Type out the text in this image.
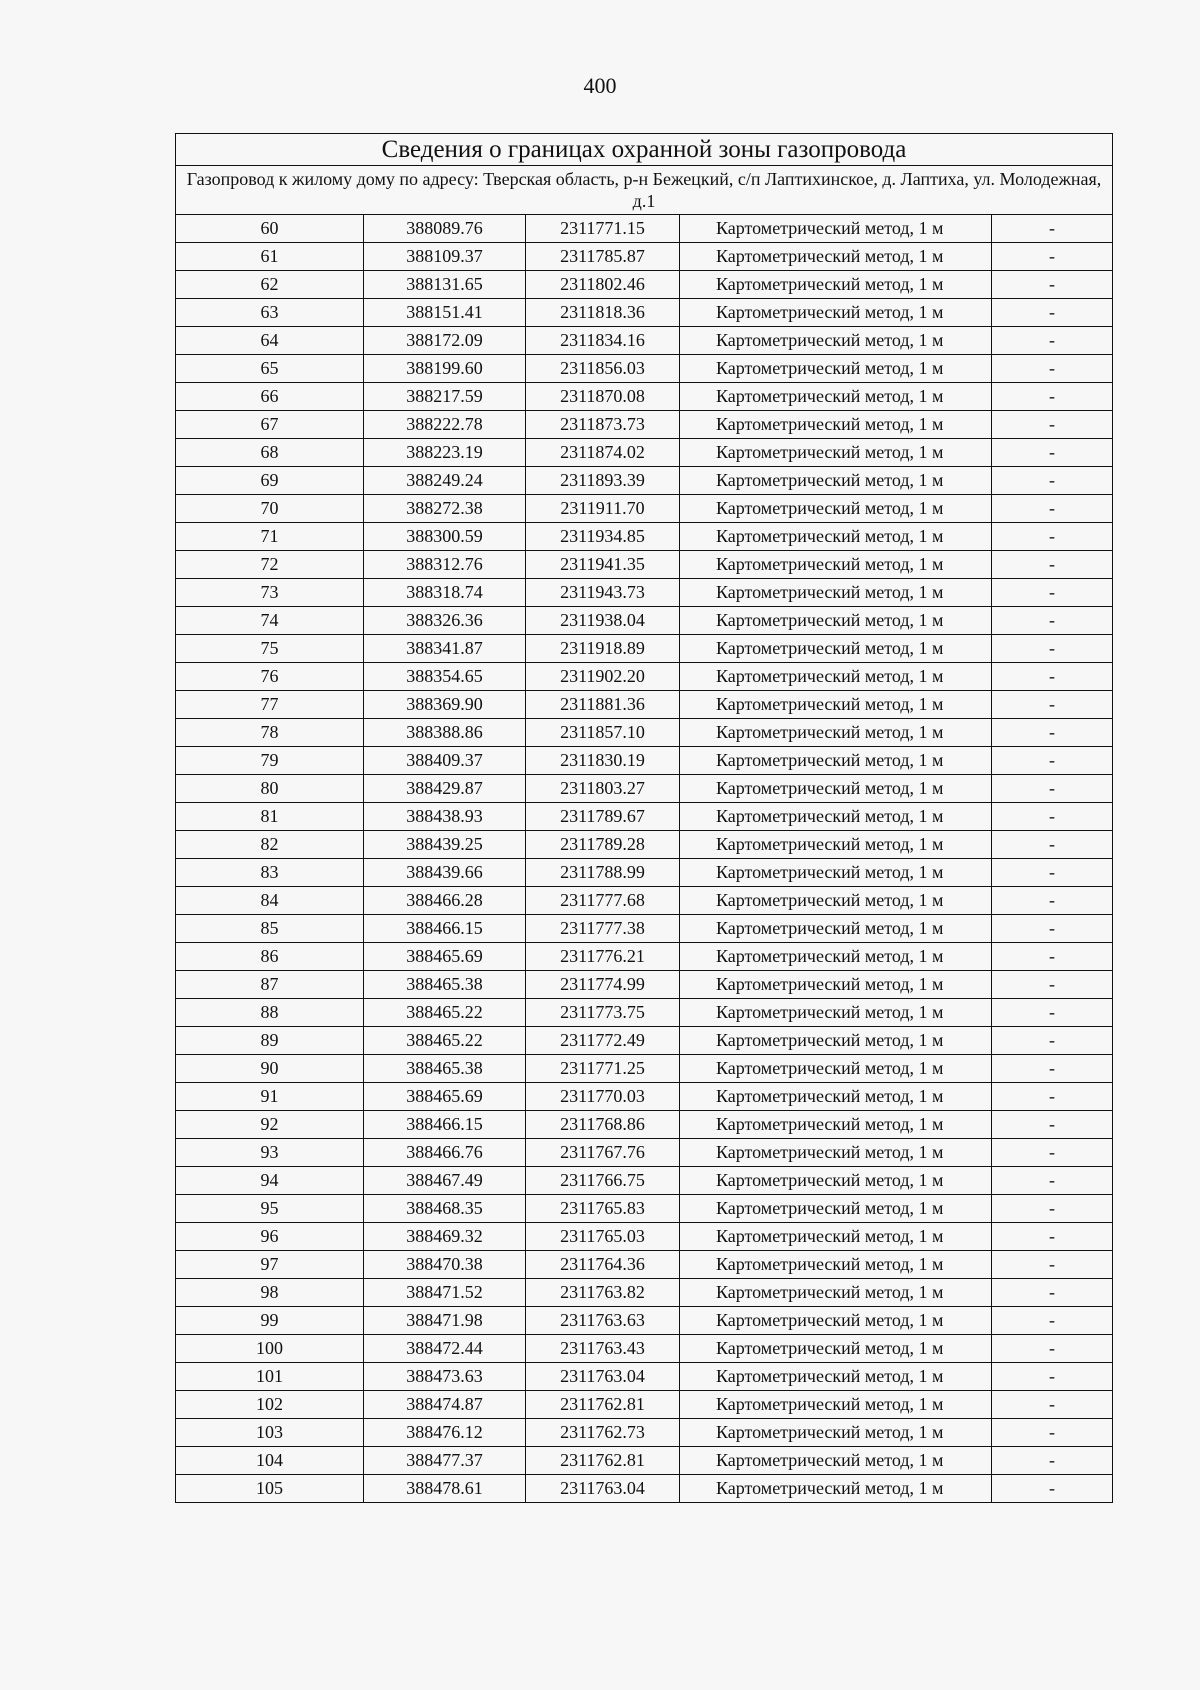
400
Сведения о границах охранной зоны газопровода				
Газопровод к жилому дому по адресу: Тверская область, р-н Бежецкий, с/п Лаптихинское, д. Лаптиха, ул. Молодежная, д.1				
60	388089.76	2311771.15	Картометрический метод, 1 м	-
61	388109.37	2311785.87	Картометрический метод, 1 м	-
62	388131.65	2311802.46	Картометрический метод, 1 м	-
63	388151.41	2311818.36	Картометрический метод, 1 м	-
64	388172.09	2311834.16	Картометрический метод, 1 м	-
65	388199.60	2311856.03	Картометрический метод, 1 м	-
66	388217.59	2311870.08	Картометрический метод, 1 м	-
67	388222.78	2311873.73	Картометрический метод, 1 м	-
68	388223.19	2311874.02	Картометрический метод, 1 м	-
69	388249.24	2311893.39	Картометрический метод, 1 м	-
70	388272.38	2311911.70	Картометрический метод, 1 м	-
71	388300.59	2311934.85	Картометрический метод, 1 м	-
72	388312.76	2311941.35	Картометрический метод, 1 м	-
73	388318.74	2311943.73	Картометрический метод, 1 м	-
74	388326.36	2311938.04	Картометрический метод, 1 м	-
75	388341.87	2311918.89	Картометрический метод, 1 м	-
76	388354.65	2311902.20	Картометрический метод, 1 м	-
77	388369.90	2311881.36	Картометрический метод, 1 м	-
78	388388.86	2311857.10	Картометрический метод, 1 м	-
79	388409.37	2311830.19	Картометрический метод, 1 м	-
80	388429.87	2311803.27	Картометрический метод, 1 м	-
81	388438.93	2311789.67	Картометрический метод, 1 м	-
82	388439.25	2311789.28	Картометрический метод, 1 м	-
83	388439.66	2311788.99	Картометрический метод, 1 м	-
84	388466.28	2311777.68	Картометрический метод, 1 м	-
85	388466.15	2311777.38	Картометрический метод, 1 м	-
86	388465.69	2311776.21	Картометрический метод, 1 м	-
87	388465.38	2311774.99	Картометрический метод, 1 м	-
88	388465.22	2311773.75	Картометрический метод, 1 м	-
89	388465.22	2311772.49	Картометрический метод, 1 м	-
90	388465.38	2311771.25	Картометрический метод, 1 м	-
91	388465.69	2311770.03	Картометрический метод, 1 м	-
92	388466.15	2311768.86	Картометрический метод, 1 м	-
93	388466.76	2311767.76	Картометрический метод, 1 м	-
94	388467.49	2311766.75	Картометрический метод, 1 м	-
95	388468.35	2311765.83	Картометрический метод, 1 м	-
96	388469.32	2311765.03	Картометрический метод, 1 м	-
97	388470.38	2311764.36	Картометрический метод, 1 м	-
98	388471.52	2311763.82	Картометрический метод, 1 м	-
99	388471.98	2311763.63	Картометрический метод, 1 м	-
100	388472.44	2311763.43	Картометрический метод, 1 м	-
101	388473.63	2311763.04	Картометрический метод, 1 м	-
102	388474.87	2311762.81	Картометрический метод, 1 м	-
103	388476.12	2311762.73	Картометрический метод, 1 м	-
104	388477.37	2311762.81	Картометрический метод, 1 м	-
105	388478.61	2311763.04	Картометрический метод, 1 м	-
